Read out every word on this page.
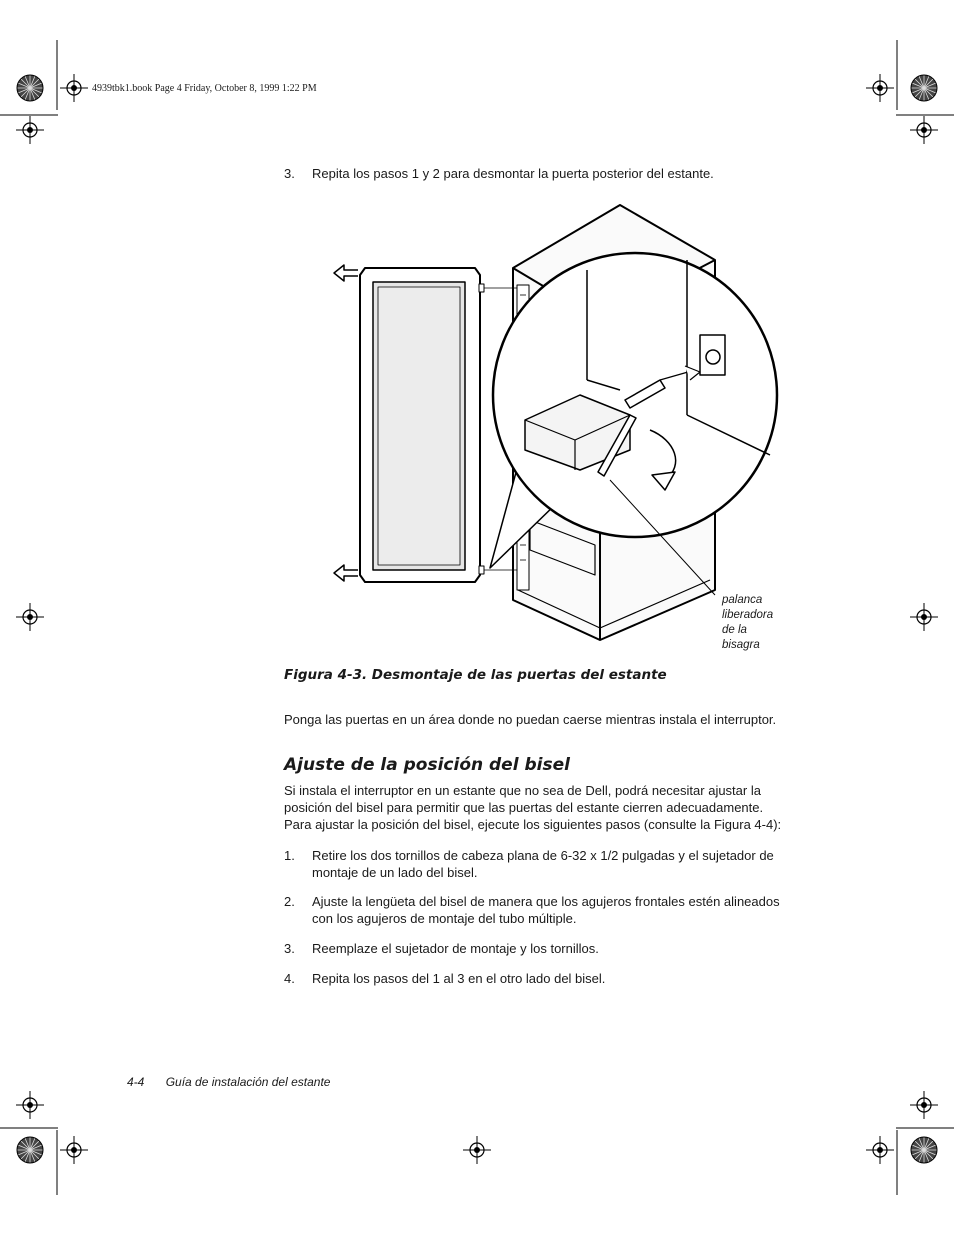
4939tbk1.book Page 4 Friday, October 8, 1999 1:22 PM
3. Repita los pasos 1 y 2 para desmontar la puerta posterior del estante.
palanca
liberadora
de la
bisagra
Figura 4-3. Desmontaje de las puertas del estante
Ponga las puertas en un área donde no puedan caerse mientras instala el interruptor.
Ajuste de la posición del bisel
Si instala el interruptor en un estante que no sea de Dell, podrá necesitar ajustar la
posición del bisel para permitir que las puertas del estante cierren adecuadamente.
Para ajustar la posición del bisel, ejecute los siguientes pasos (consulte la Figura 4-4):
1. Retire los dos tornillos de cabeza plana de 6-32 x 1/2 pulgadas y el sujetador de
montaje de un lado del bisel.
2. Ajuste la lengüeta del bisel de manera que los agujeros frontales estén alineados
con los agujeros de montaje del tubo múltiple.
3. Reemplaze el sujetador de montaje y los tornillos.
4. Repita los pasos del 1 al 3 en el otro lado del bisel.
4-4 Guía de instalación del estante
